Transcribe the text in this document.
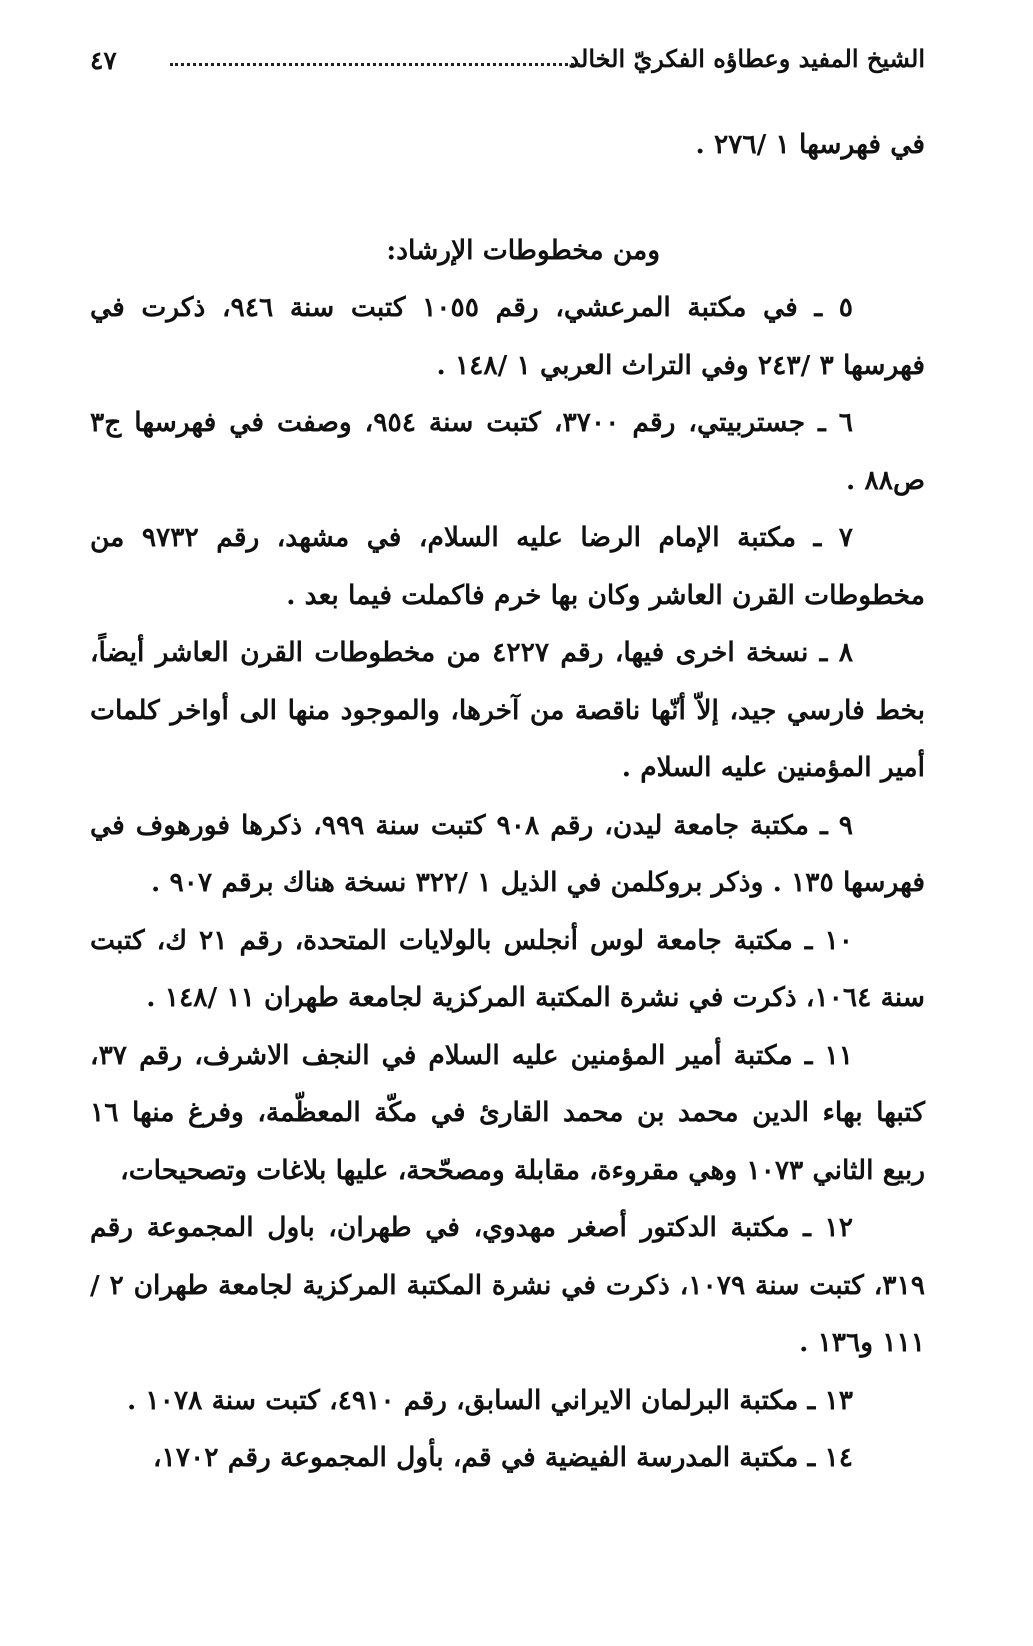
الشيخ المفيد وعطاؤه الفكريّ الخالد
٤٧

في فهرسها ١ /٢٧٦ .

ومن مخطوطات الإرشاد:

٥ ـ في مكتبة المرعشي، رقم ١٠٥٥ كتبت سنة ٩٤٦، ذكرت في فهرسها ٣ /٢٤٣ وفي التراث العربي ١ /١٤٨ .

٦ ـ جستربيتي، رقم ٣٧٠٠، كتبت سنة ٩٥٤، وصفت في فهرسها ج٣ ص٨٨ .

٧ ـ مكتبة الإمام الرضا عليه السلام، في مشهد، رقم ٩٧٣٢ من مخطوطات القرن العاشر وكان بها خرم فاكملت فيما بعد .

٨ ـ نسخة اخرى فيها، رقم ٤٢٢٧ من مخطوطات القرن العاشر أيضاً، بخط فارسي جيد، إلاّ أنّها ناقصة من آخرها، والموجود منها الى أواخر كلمات أمير المؤمنين عليه السلام .

٩ ـ مكتبة جامعة ليدن، رقم ٩٠٨ كتبت سنة ٩٩٩، ذكرها فورهوف في فهرسها ١٣٥ . وذكر بروكلمن في الذيل ١ /٣٢٢ نسخة هناك برقم ٩٠٧ .

١٠ ـ مكتبة جامعة لوس أنجلس بالولايات المتحدة، رقم ٢١ ك، كتبت سنة ١٠٦٤، ذكرت في نشرة المكتبة المركزية لجامعة طهران ١١ /١٤٨ .

١١ ـ مكتبة أمير المؤمنين عليه السلام في النجف الاشرف، رقم ٣٧، كتبها بهاء الدين محمد بن محمد القارئ في مكّة المعظّمة، وفرغ منها ١٦ ربيع الثاني ١٠٧٣ وهي مقروءة، مقابلة ومصحّحة، عليها بلاغات وتصحيحات،

١٢ ـ مكتبة الدكتور أصغر مهدوي، في طهران، باول المجموعة رقم ٣١٩، كتبت سنة ١٠٧٩، ذكرت في نشرة المكتبة المركزية لجامعة طهران ٢ /١١١ و١٣٦ .

١٣ ـ مكتبة البرلمان الايراني السابق، رقم ٤٩١٠، كتبت سنة ١٠٧٨ .

١٤ ـ مكتبة المدرسة الفيضية في قم، بأول المجموعة رقم ١٧٠٢،
